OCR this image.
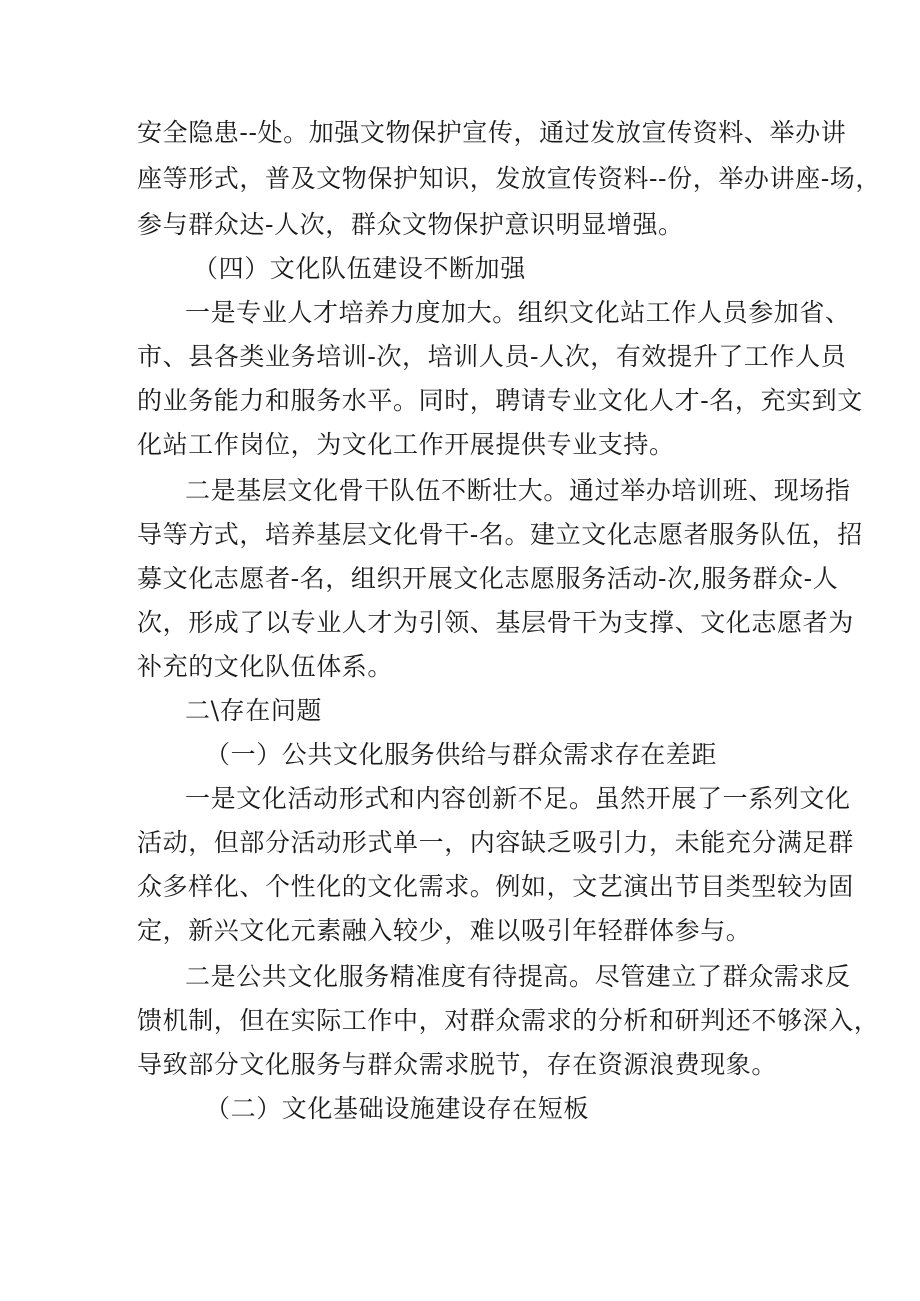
安全隐患--处。加强文物保护宣传，通过发放宣传资料、举办讲
座等形式，普及文物保护知识，发放宣传资料--份，举办讲座-场，
参与群众达-人次，群众文物保护意识明显增强。
（四）文化队伍建设不断加强
一是专业人才培养力度加大。组织文化站工作人员参加省、
市、县各类业务培训-次，培训人员-人次，有效提升了工作人员
的业务能力和服务水平。同时，聘请专业文化人才-名，充实到文
化站工作岗位，为文化工作开展提供专业支持。
二是基层文化骨干队伍不断壮大。通过举办培训班、现场指
导等方式，培养基层文化骨干-名。建立文化志愿者服务队伍，招
募文化志愿者-名，组织开展文化志愿服务活动-次,服务群众-人
次，形成了以专业人才为引领、基层骨干为支撑、文化志愿者为
补充的文化队伍体系。
二\存在问题
（一）公共文化服务供给与群众需求存在差距
一是文化活动形式和内容创新不足。虽然开展了一系列文化
活动，但部分活动形式单一，内容缺乏吸引力，未能充分满足群
众多样化、个性化的文化需求。例如，文艺演出节目类型较为固
定，新兴文化元素融入较少，难以吸引年轻群体参与。
二是公共文化服务精准度有待提高。尽管建立了群众需求反
馈机制，但在实际工作中，对群众需求的分析和研判还不够深入，
导致部分文化服务与群众需求脱节，存在资源浪费现象。
（二）文化基础设施建设存在短板
